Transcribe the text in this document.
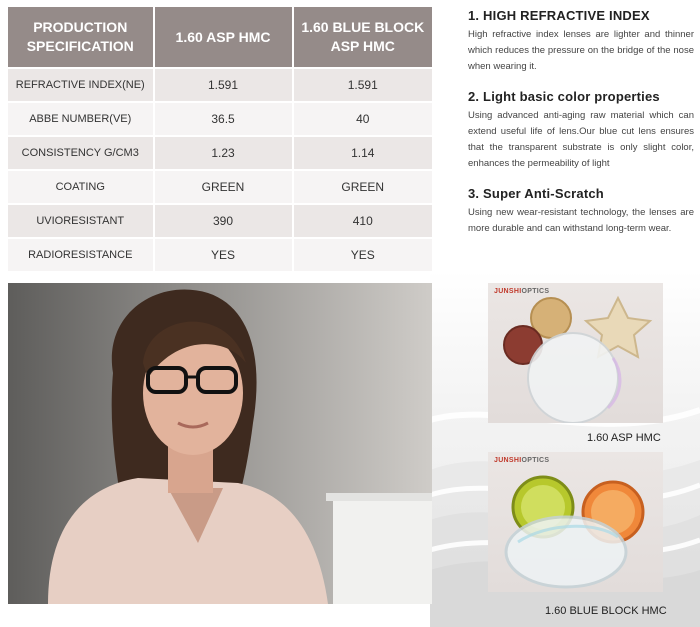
PRODUCTION SPECIFICATION	1.60 ASP HMC	1.60 BLUE BLOCK ASP HMC
REFRACTIVE INDEX(NE)	1.591	1.591
ABBE NUMBER(VE)	36.5	40
CONSISTENCY G/CM3	1.23	1.14
COATING	GREEN	GREEN
UVIORESISTANT	390	410
RADIORESISTANCE	YES	YES
1. HIGH REFRACTIVE INDEX
High refractive index lenses are lighter and thinner which reduces the pressure on the bridge of the nose when wearing it.
2. Light basic color properties
Using advanced anti-aging raw material which can extend useful life of lens.Our blue cut lens ensures that the transparent substrate is only slight color, enhances the permeability of light
3. Super Anti-Scratch
Using new wear-resistant technology, the lenses are more durable and can withstand long-term wear.
JUNSHIOPTICS
1.60 ASP HMC
JUNSHIOPTICS
1.60 BLUE BLOCK HMC
